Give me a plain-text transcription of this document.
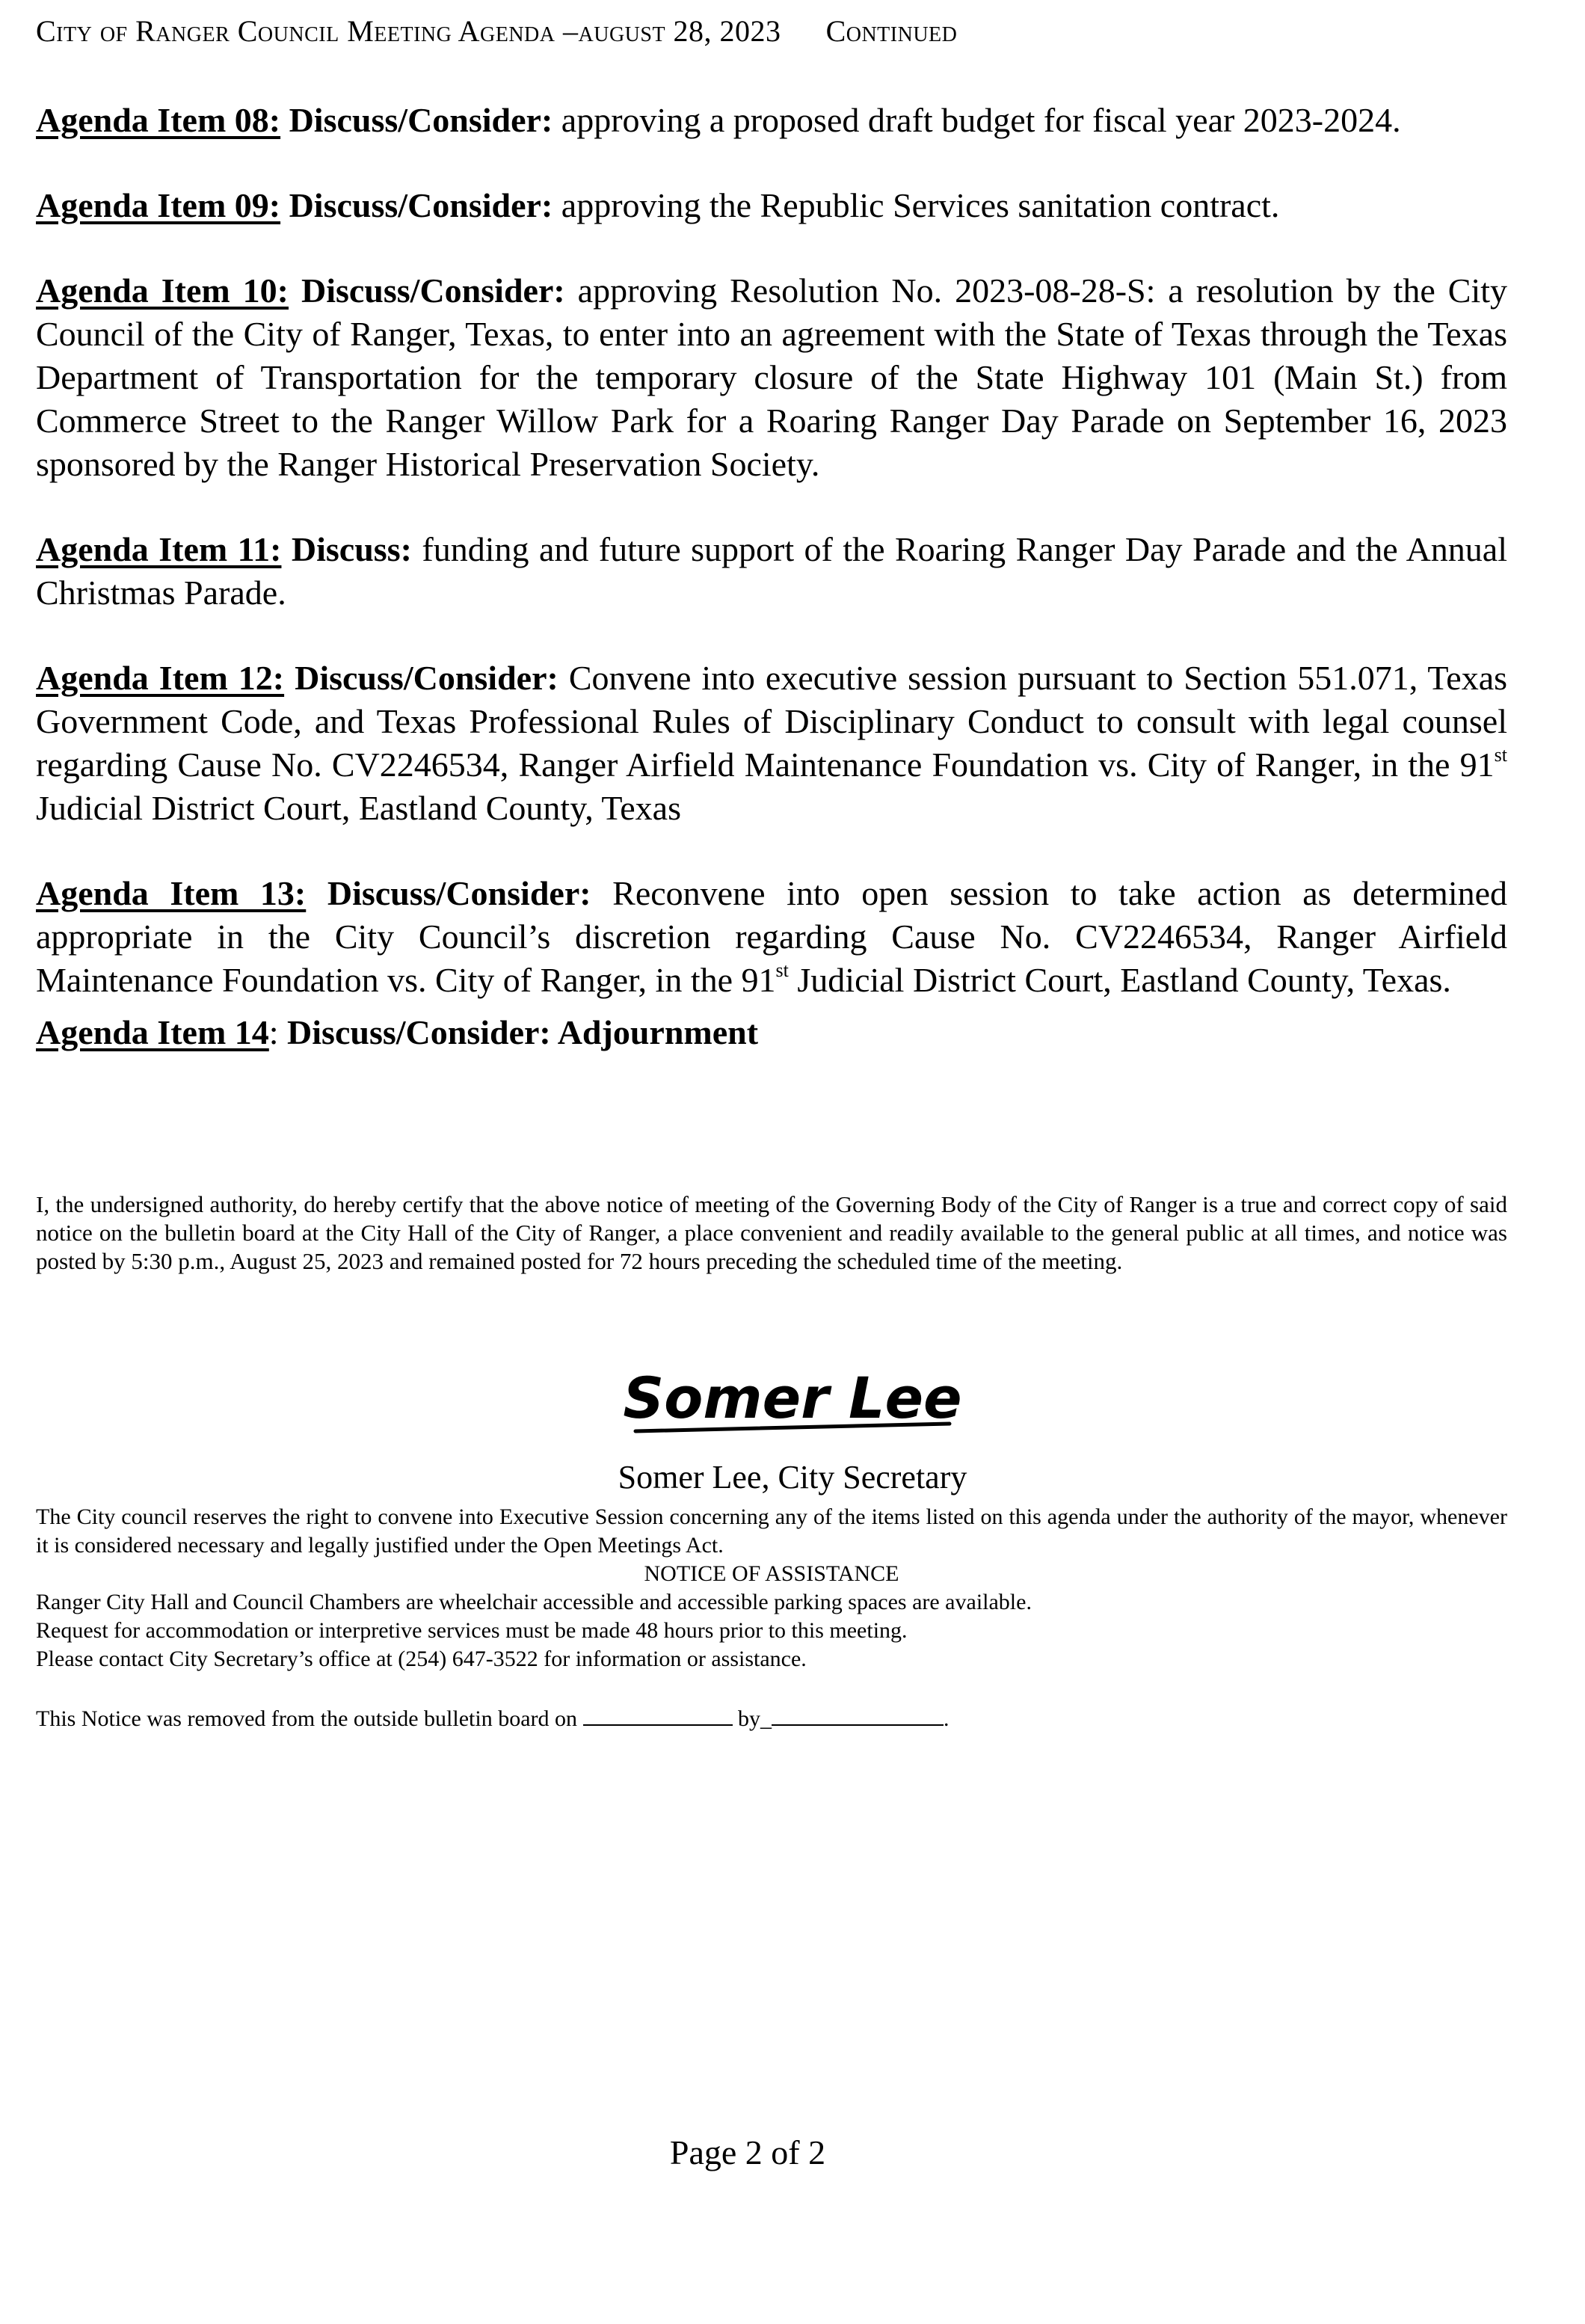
City of Ranger Council Meeting Agenda –august 28, 2023 Continued

Agenda Item 08: Discuss/Consider: approving a proposed draft budget for fiscal year 2023-2024.

Agenda Item 09: Discuss/Consider: approving the Republic Services sanitation contract.

Agenda Item 10: Discuss/Consider: approving Resolution No. 2023-08-28-S: a resolution by the City Council of the City of Ranger, Texas, to enter into an agreement with the State of Texas through the Texas Department of Transportation for the temporary closure of the State Highway 101 (Main St.) from Commerce Street to the Ranger Willow Park for a Roaring Ranger Day Parade on September 16, 2023 sponsored by the Ranger Historical Preservation Society.

Agenda Item 11: Discuss: funding and future support of the Roaring Ranger Day Parade and the Annual Christmas Parade.

Agenda Item 12: Discuss/Consider: Convene into executive session pursuant to Section 551.071, Texas Government Code, and Texas Professional Rules of Disciplinary Conduct to consult with legal counsel regarding Cause No. CV2246534, Ranger Airfield Maintenance Foundation vs. City of Ranger, in the 91st Judicial District Court, Eastland County, Texas

Agenda Item 13: Discuss/Consider: Reconvene into open session to take action as determined appropriate in the City Council’s discretion regarding Cause No. CV2246534, Ranger Airfield Maintenance Foundation vs. City of Ranger, in the 91st Judicial District Court, Eastland County, Texas.

Agenda Item 14: Discuss/Consider: Adjournment

I, the undersigned authority, do hereby certify that the above notice of meeting of the Governing Body of the City of Ranger is a true and correct copy of said notice on the bulletin board at the City Hall of the City of Ranger, a place convenient and readily available to the general public at all times, and notice was posted by 5:30 p.m., August 25, 2023 and remained posted for 72 hours preceding the scheduled time of the meeting.

Somer Lee
Somer Lee, City Secretary

The City council reserves the right to convene into Executive Session concerning any of the items listed on this agenda under the authority of the mayor, whenever it is considered necessary and legally justified under the Open Meetings Act.

NOTICE OF ASSISTANCE

Ranger City Hall and Council Chambers are wheelchair accessible and accessible parking spaces are available.

Request for accommodation or interpretive services must be made 48 hours prior to this meeting.

Please contact City Secretary’s office at (254) 647-3522 for information or assistance.

This Notice was removed from the outside bulletin board on	by_	.

Page 2 of 2
